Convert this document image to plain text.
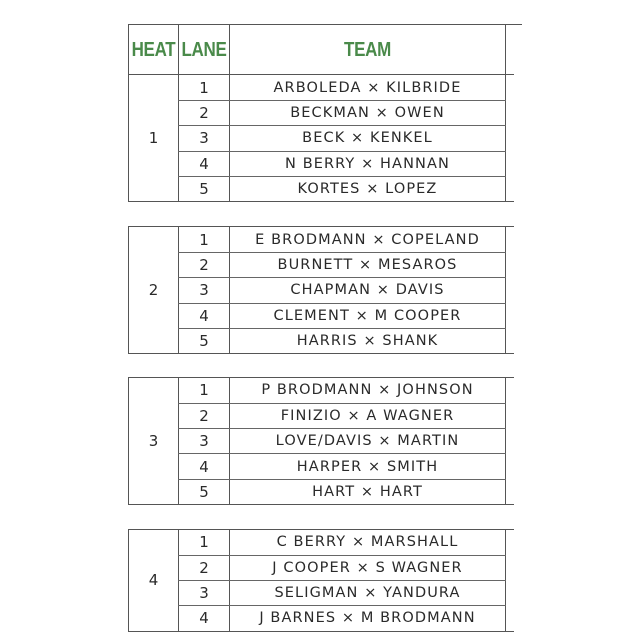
HEAT LANE	TEAM
1
1	ARBOLEDA × KILBRIDE
2	BECKMAN × OWEN
3	BECK × KENKEL
4	N BERRY × HANNAN
5	KORTES × LOPEZ
2
1	E BRODMANN × COPELAND
2	BURNETT × MESAROS
3	CHAPMAN × DAVIS
4	CLEMENT × M COOPER
5	HARRIS × SHANK
3
1	P BRODMANN × JOHNSON
2	FINIZIO × A WAGNER
3	LOVE/DAVIS × MARTIN
4	HARPER × SMITH
5	HART × HART
4
1	C BERRY × MARSHALL
2	J COOPER × S WAGNER
3	SELIGMAN × YANDURA
4	J BARNES × M BRODMANN
